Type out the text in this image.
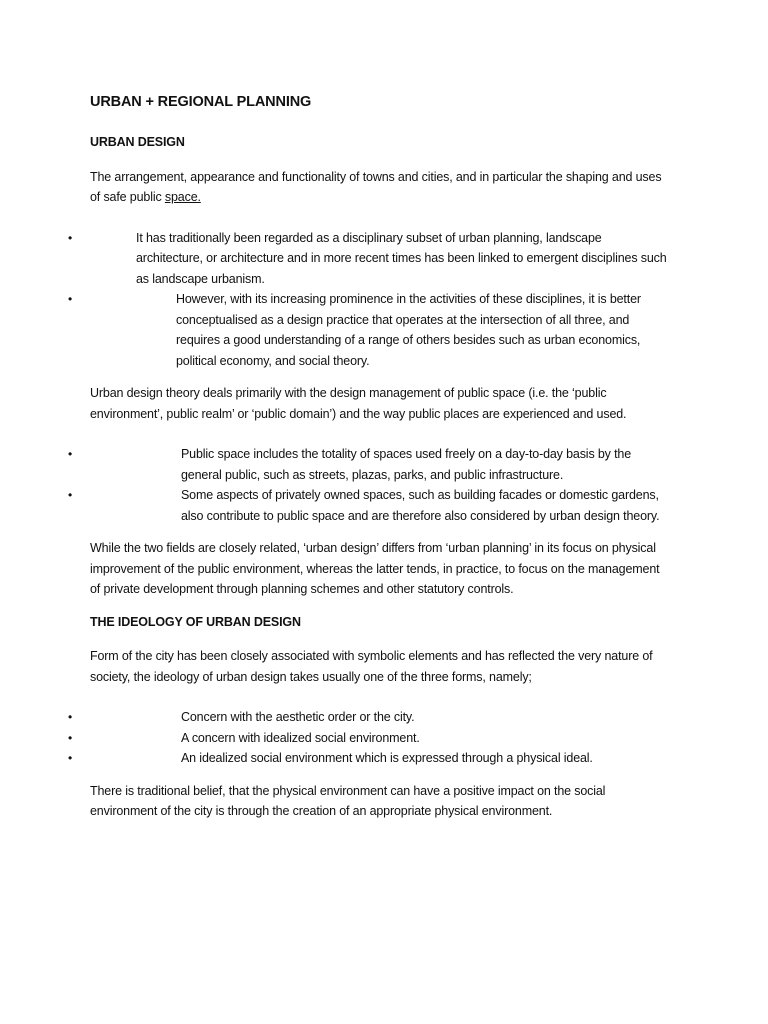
URBAN + REGIONAL PLANNING
URBAN DESIGN

The arrangement, appearance and functionality of towns and cities, and in particular the shaping and uses of safe public space.

•	It has traditionally been regarded as a disciplinary subset of urban planning, landscape architecture, or architecture and in more recent times has been linked to emergent disciplines such as landscape urbanism.
•	However, with its increasing prominence in the activities of these disciplines, it is better conceptualised as a design practice that operates at the intersection of all three, and requires a good understanding of a range of others besides such as urban economics, political economy, and social theory.

Urban design theory deals primarily with the design management of public space (i.e. the ‘public environment’, public realm’ or ‘public domain’) and the way public places are experienced and used.

•	Public space includes the totality of spaces used freely on a day-to-day basis by the general public, such as streets, plazas, parks, and public infrastructure.
•	Some aspects of privately owned spaces, such as building facades or domestic gardens, also contribute to public space and are therefore also considered by urban design theory.

While the two fields are closely related, ‘urban design’ differs from ‘urban planning’ in its focus on physical improvement of the public environment, whereas the latter tends, in practice, to focus on the management of private development through planning schemes and other statutory controls.

THE IDEOLOGY OF URBAN DESIGN

Form of the city has been closely associated with symbolic elements and has reflected the very nature of society, the ideology of urban design takes usually one of the three forms, namely;

•	Concern with the aesthetic order or the city.
•	A concern with idealized social environment.
•	An idealized social environment which is expressed through a physical ideal.

There is traditional belief, that the physical environment can have a positive impact on the social environment of the city is through the creation of an appropriate physical environment.
